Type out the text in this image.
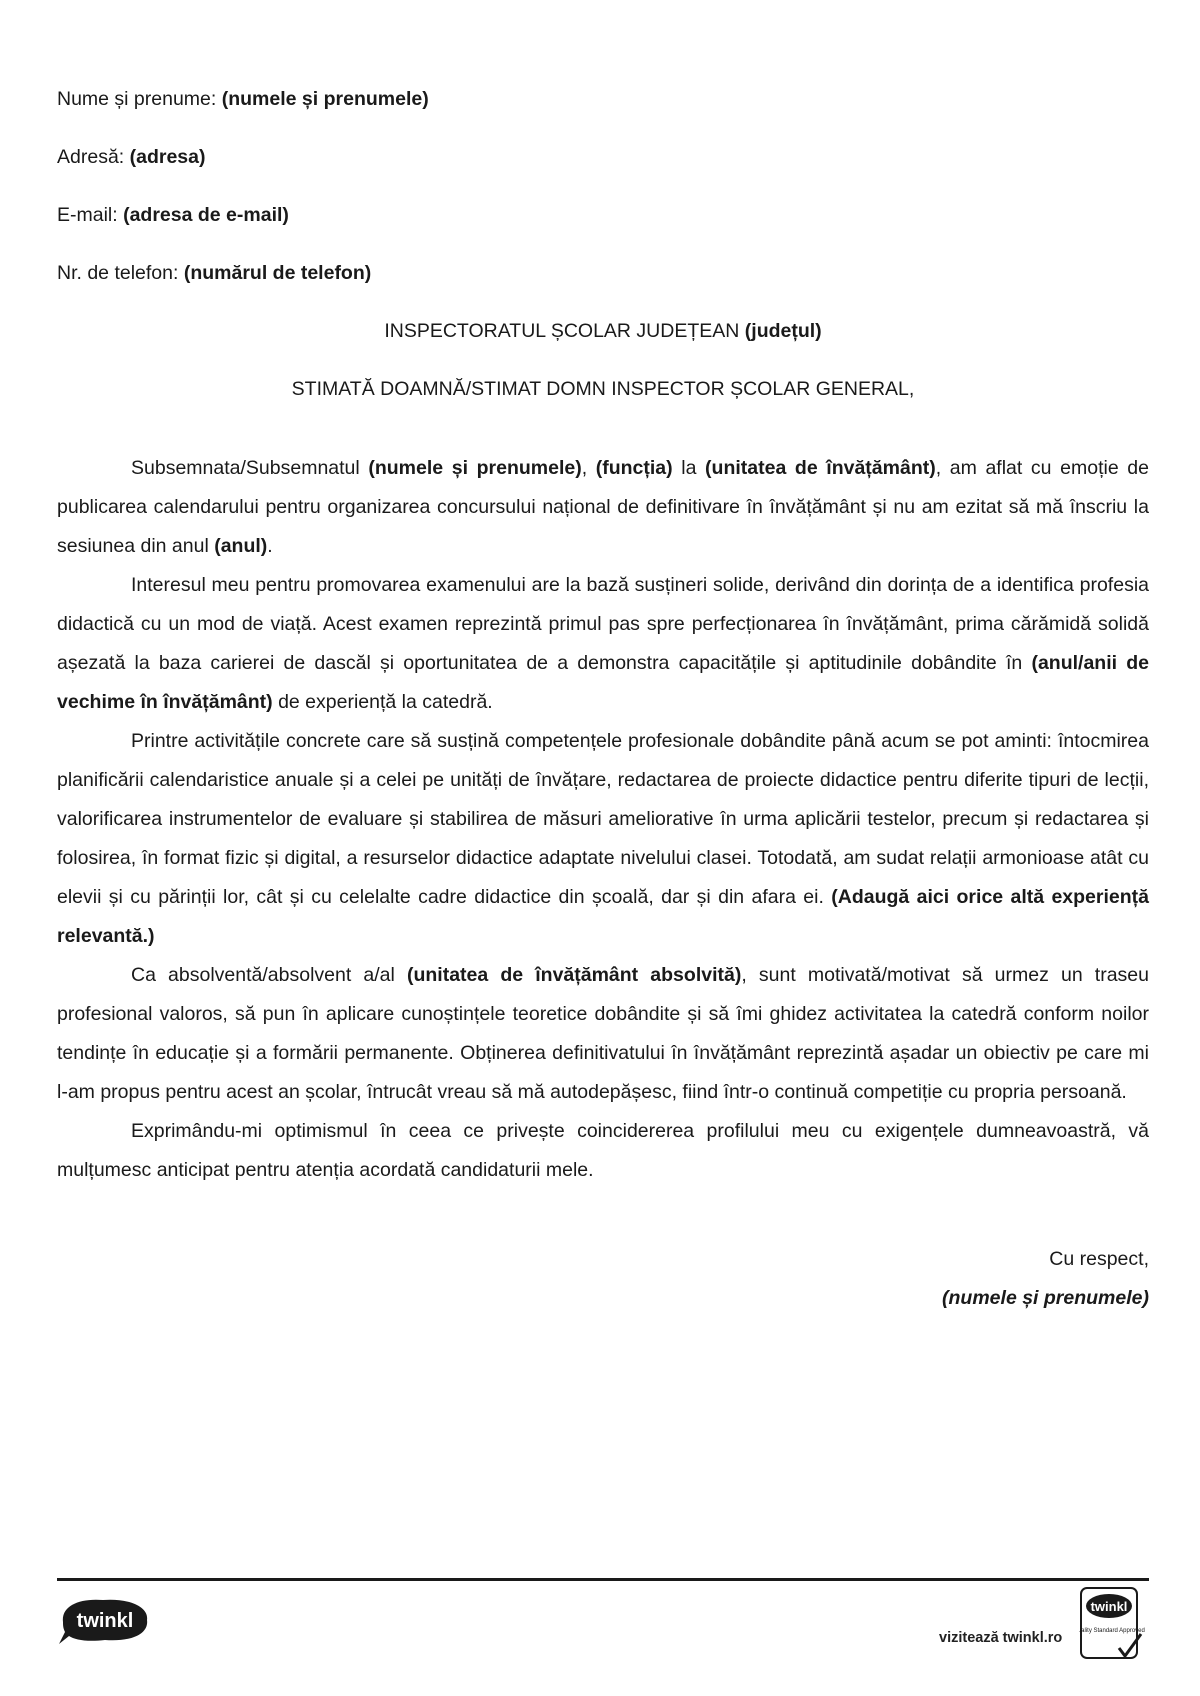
Nume și prenume: (numele și prenumele)
Adresă: (adresa)
E-mail: (adresa de e-mail)
Nr. de telefon: (numărul de telefon)
INSPECTORATUL ȘCOLAR JUDEȚEAN (județul)
STIMATĂ DOAMNĂ/STIMAT DOMN INSPECTOR ȘCOLAR GENERAL,

Subsemnata/Subsemnatul (numele și prenumele), (funcția) la (unitatea de învățământ), am aflat cu emoție de publicarea calendarului pentru organizarea concursului național de definitivare în învățământ și nu am ezitat să mă înscriu la sesiunea din anul (anul).

Interesul meu pentru promovarea examenului are la bază susțineri solide, derivând din dorința de a identifica profesia didactică cu un mod de viață. Acest examen reprezintă primul pas spre perfecționarea în învățământ, prima cărămidă solidă așezată la baza carierei de dascăl și oportunitatea de a demonstra capacitățile și aptitudinile dobândite în (anul/anii de vechime în învățământ) de experiență la catedră.

Printre activitățile concrete care să susțină competențele profesionale dobândite până acum se pot aminti: întocmirea planificării calendaristice anuale și a celei pe unități de învățare, redactarea de proiecte didactice pentru diferite tipuri de lecții, valorificarea instrumentelor de evaluare și stabilirea de măsuri ameliorative în urma aplicării testelor, precum și redactarea și folosirea, în format fizic și digital, a resurselor didactice adaptate nivelului clasei. Totodată, am sudat relații armonioase atât cu elevii și cu părinții lor, cât și cu celelalte cadre didactice din școală, dar și din afara ei. (Adaugă aici orice altă experiență relevantă.)

Ca absolventă/absolvent a/al (unitatea de învățământ absolvită), sunt motivată/motivat să urmez un traseu profesional valoros, să pun în aplicare cunoștințele teoretice dobândite și să îmi ghidez activitatea la catedră conform noilor tendințe în educație și a formării permanente. Obținerea definitivatului în învățământ reprezintă așadar un obiectiv pe care mi l-am propus pentru acest an școlar, întrucât vreau să mă autodepășesc, fiind într-o continuă competiție cu propria persoană.

Exprimându-mi optimismul în ceea ce privește coincidererea profilului meu cu exigențele dumneavoastră, vă mulțumesc anticipat pentru atenția acordată candidaturii mele.

Cu respect,
(numele și prenumele)
twinkl
vizitează twinkl.ro
twinkl
Quality Standard Approved
